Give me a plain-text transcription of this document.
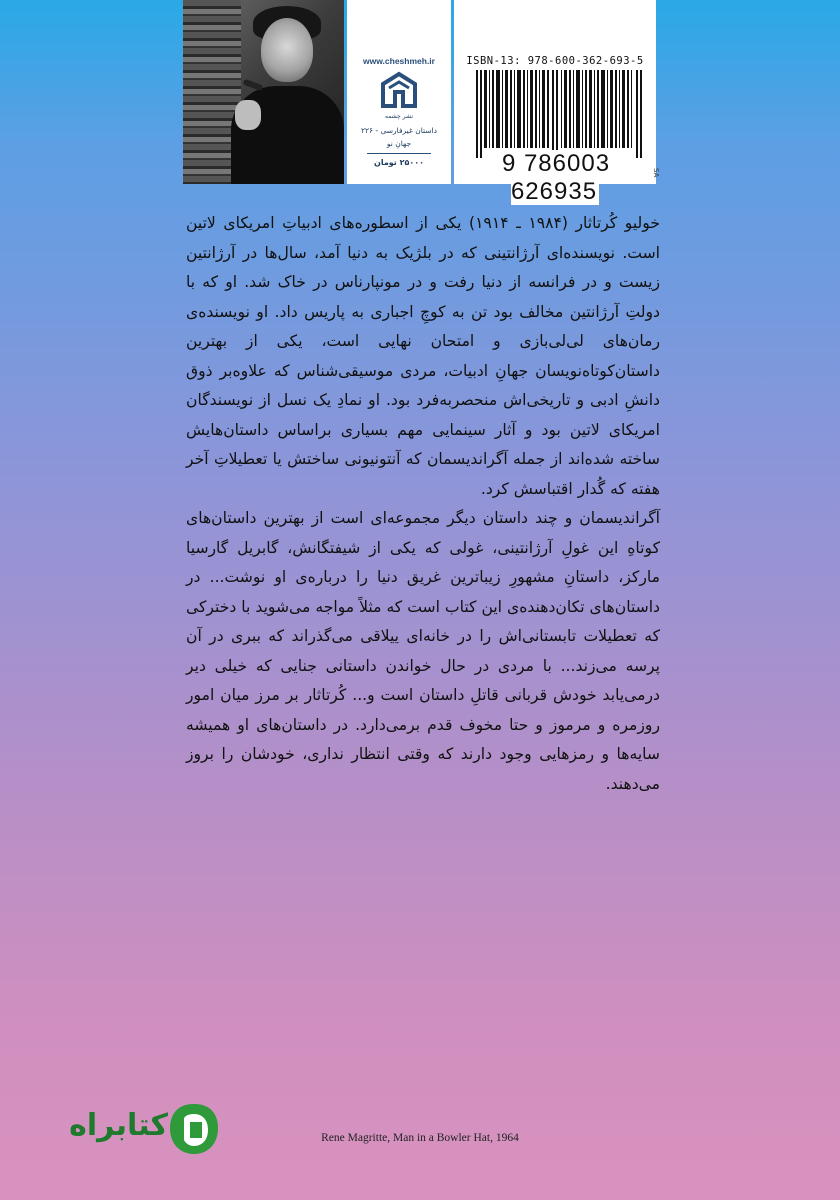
www.cheshmeh.ir
نشر چشمه
داستان غیرفارسی - ۲۲۶
جهانِ نو
۲۵۰۰۰ تومان
ISBN-13: 978-600-362-693-5
9 786003 626935
SA

خولیو کُرتاثار (۱۹۸۴ ـ ۱۹۱۴) یکی از اسطوره‌های ادبیاتِ امریکای لاتین است. نویسنده‌ای آرژانتینی که در بلژیک به دنیا آمد، سال‌ها در آرژانتین زیست و در فرانسه از دنیا رفت و در مونپارناس در خاک شد. او که با دولتِ آرژانتین مخالف بود تن به کوچِ اجباری به پاریس داد. او نویسنده‌ی رمان‌های لی‌لی‌بازی و امتحان نهایی است، یکی از بهترین داستان‌کوتاه‌نویسان جهانِ ادبیات، مردی موسیقی‌شناس که علاوه‌بر ذوق دانشِ ادبی و تاریخی‌اش منحصربه‌فرد بود. او نمادِ یک نسل از نویسندگان امریکای لاتین بود و آثار سینمایی مهم بسیاری براساس داستان‌هایش ساخته شده‌اند از جمله آگراندیسمان که آنتونیونی ساختش یا تعطیلاتِ آخر هفته که گُدار اقتباسش کرد.

آگراندیسمان و چند داستان دیگر مجموعه‌ای است از بهترین داستان‌های کوتاهِ این غولِ آرژانتینی، غولی که یکی از شیفتگانش، گابریل گارسیا مارکز، داستانِ مشهورِ زیباترین غریق دنیا را درباره‌ی او نوشت... در داستان‌های تکان‌دهنده‌ی این کتاب است که مثلاً مواجه می‌شوید با دخترکی که تعطیلات تابستانی‌اش را در خانه‌ای ییلاقی می‌گذراند که ببری در آن پرسه می‌زند... با مردی در حال خواندن داستانی جنایی که خیلی دیر درمی‌یابد خودش قربانی قاتلِ داستان است و... کُرتاثار بر مرز میان امور روزمره و مرموز و حتا مخوف قدم برمی‌دارد. در داستان‌های او همیشه سایه‌ها و رمزهایی وجود دارند که وقتی انتظار نداری، خودشان را بروز می‌دهند.

کتابراه	Rene Magritte, Man in a Bowler Hat, 1964
